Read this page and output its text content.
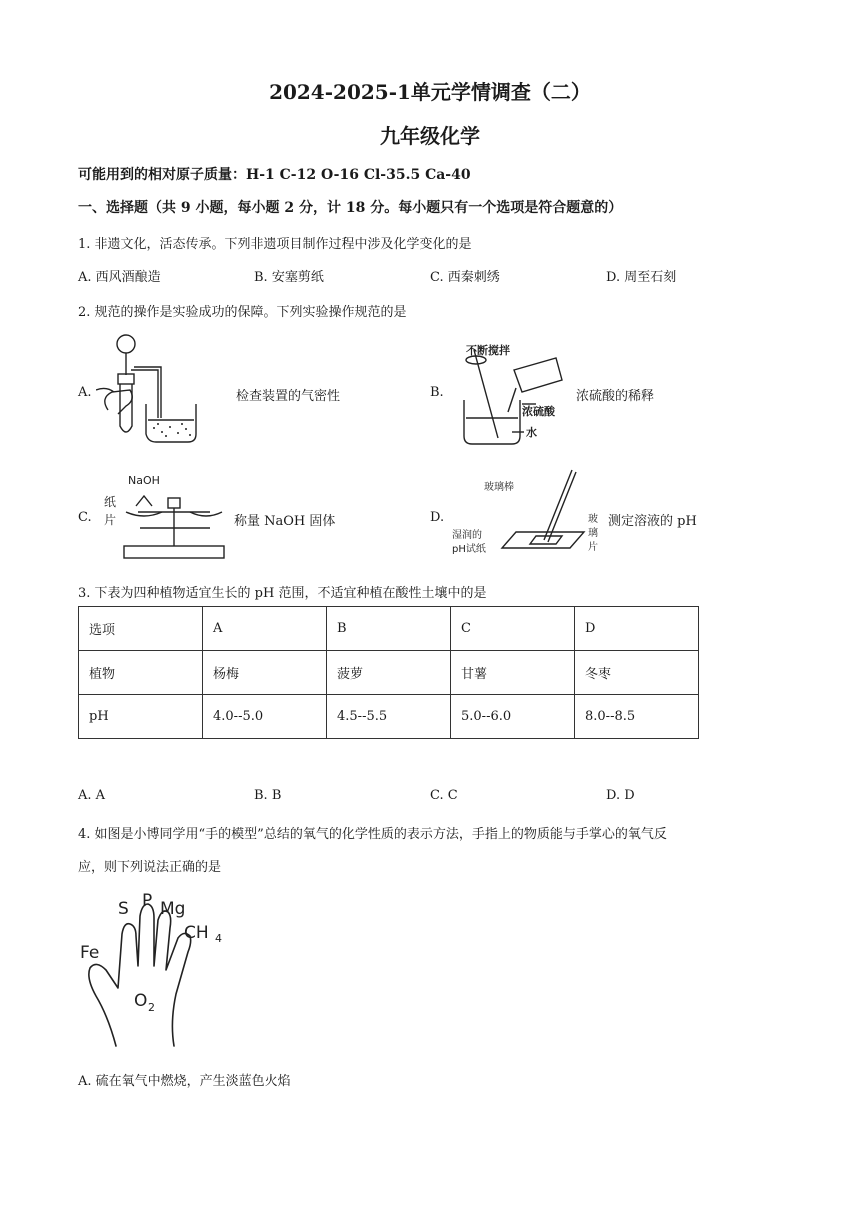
2024-2025-1单元学情调查（二）
九年级化学
可能用到的相对原子质量：H-1 C-12 O-16 Cl-35.5 Ca-40
一、选择题（共 9 小题，每小题 2 分，计 18 分。每小题只有一个选项是符合题意的）
1. 非遗文化，活态传承。下列非遗项目制作过程中涉及化学变化的是
A. 西风酒酿造	B. 安塞剪纸	C. 西秦刺绣	D. 周至石刻
2. 规范的操作是实验成功的保障。下列实验操作规范的是
A.	检查装置的气密性	B.
不断搅拌
浓硫酸
水
浓硫酸的稀释
C.
NaOH
纸
片	称量 NaOH 固体	D.
玻璃棒
湿润的
pH试纸
玻
璃
片
测定溶液的 pH
3. 下表为四种植物适宜生长的 pH 范围，不适宜种植在酸性土壤中的是
选项	A	B	C	D
植物	杨梅	菠萝	甘薯	冬枣
pH	4.0--5.0	4.5--5.5	5.0--6.0	8.0--8.5
A. A	B. B	C. C	D. D
4. 如图是小博同学用“手的模型”总结的氧气的化学性质的表示方法，手指上的物质能与手掌心的氧气反
应，则下列说法正确的是
S P Mg
CH 4
Fe
O 2
A. 硫在氧气中燃烧，产生淡蓝色火焰
